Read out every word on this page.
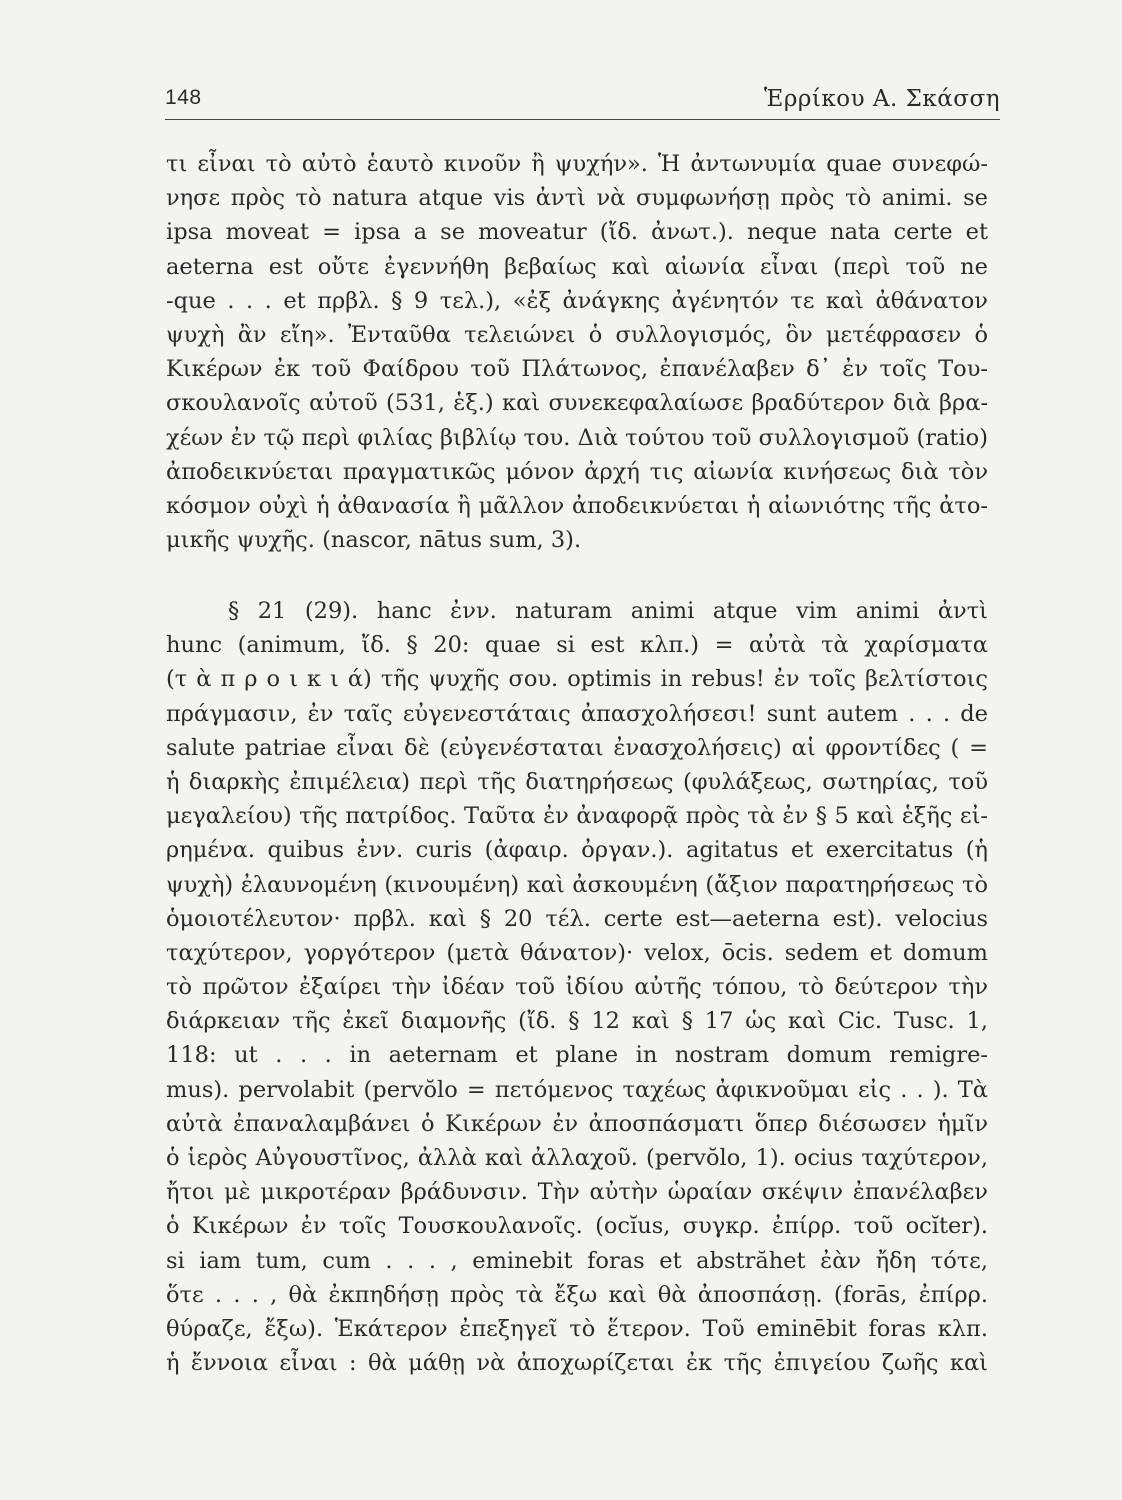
148	Ἑρρίκου Α. Σκάσση
τι εἶναι τὸ αὐτὸ ἑαυτὸ κινοῦν ἢ ψυχήν». Ἡ ἀντωνυμία quae συνεφώ-
νησε πρὸς τὸ natura atque vis ἀντὶ νὰ συμφωνήσῃ πρὸς τὸ animi. se
ipsa moveat = ipsa a se moveatur (ἴδ. ἀνωτ.). neque nata certe et
aeterna est οὔτε ἐγεννήθη βεβαίως καὶ αἰωνία εἶναι (περὶ τοῦ ne
-que . . . et πρβλ. § 9 τελ.), «ἐξ ἀνάγκης ἀγένητόν τε καὶ ἀθάνατον
ψυχὴ ἂν εἴη». Ἐνταῦθα τελειώνει ὁ συλλογισμός, ὃν μετέφρασεν ὁ
Κικέρων ἐκ τοῦ Φαίδρου τοῦ Πλάτωνος, ἐπανέλαβεν δ᾽ ἐν τοῖς Του-
σκουλανοῖς αὐτοῦ (531, ἑξ.) καὶ συνεκεφαλαίωσε βραδύτερον διὰ βρα-
χέων ἐν τῷ περὶ φιλίας βιβλίῳ του. Διὰ τούτου τοῦ συλλογισμοῦ (ratio)
ἀποδεικνύεται πραγματικῶς μόνον ἀρχή τις αἰωνία κινήσεως διὰ τὸν
κόσμον οὐχὶ ἡ ἀθανασία ἢ μᾶλλον ἀποδεικνύεται ἡ αἰωνιότης τῆς ἀτο-
μικῆς ψυχῆς. (nascor, nātus sum, 3).
§ 21 (29). hanc ἐνν. naturam animi atque vim animi ἀντὶ
hunc (animum, ἴδ. § 20: quae si est κλπ.) = αὐτὰ τὰ χαρίσματα
(τ ὰ π ρ ο ι κ ι ά) τῆς ψυχῆς σου. optimis in rebus! ἐν τοῖς βελτίστοις
πράγμασιν, ἐν ταῖς εὐγενεστάταις ἀπασχολήσεσι! sunt autem . . . de
salute patriae εἶναι δὲ (εὐγενέσταται ἐνασχολήσεις) αἱ φροντίδες ( =
ἡ διαρκὴς ἐπιμέλεια) περὶ τῆς διατηρήσεως (φυλάξεως, σωτηρίας, τοῦ
μεγαλείου) τῆς πατρίδος. Ταῦτα ἐν ἀναφορᾷ πρὸς τὰ ἐν § 5 καὶ ἑξῆς εἰ-
ρημένα. quibus ἐνν. curis (ἀφαιρ. ὀργαν.). agitatus et exercitatus (ἡ
ψυχὴ) ἐλαυνομένη (κινουμένη) καὶ ἀσκουμένη (ἄξιον παρατηρήσεως τὸ
ὁμοιοτέλευτον· πρβλ. καὶ § 20 τέλ. certe est—aeterna est). velocius
ταχύτερον, γοργότερον (μετὰ θάνατον)· velox, ōcis. sedem et domum
τὸ πρῶτον ἐξαίρει τὴν ἰδέαν τοῦ ἰδίου αὐτῆς τόπου, τὸ δεύτερον τὴν
διάρκειαν τῆς ἐκεῖ διαμονῆς (ἴδ. § 12 καὶ § 17 ὡς καὶ Cic. Tusc. 1,
118: ut . . . in aeternam et plane in nostram domum remigre-
mus). pervolabit (pervŏlo = πετόμενος ταχέως ἀφικνοῦμαι εἰς . . ). Τὰ
αὐτὰ ἐπαναλαμβάνει ὁ Κικέρων ἐν ἀποσπάσματι ὅπερ διέσωσεν ἡμῖν
ὁ ἱερὸς Αὐγουστῖνος, ἀλλὰ καὶ ἀλλαχοῦ. (pervŏlo, 1). ocius ταχύτερον,
ἤτοι μὲ μικροτέραν βράδυνσιν. Τὴν αὐτὴν ὡραίαν σκέψιν ἐπανέλαβεν
ὁ Κικέρων ἐν τοῖς Τουσκουλανοῖς. (ocĭus, συγκρ. ἐπίρρ. τοῦ ocĭter).
si iam tum, cum . . . , eminebit foras et abstrăhet ἐὰν ἤδη τότε,
ὅτε . . . , θὰ ἐκπηδήσῃ πρὸς τὰ ἔξω καὶ θὰ ἀποσπάσῃ. (forās, ἐπίρρ.
θύραζε, ἔξω). Ἑκάτερον ἐπεξηγεῖ τὸ ἕτερον. Τοῦ eminēbit foras κλπ.
ἡ ἔννοια εἶναι : θὰ μάθῃ νὰ ἀποχωρίζεται ἐκ τῆς ἐπιγείου ζωῆς καὶ
